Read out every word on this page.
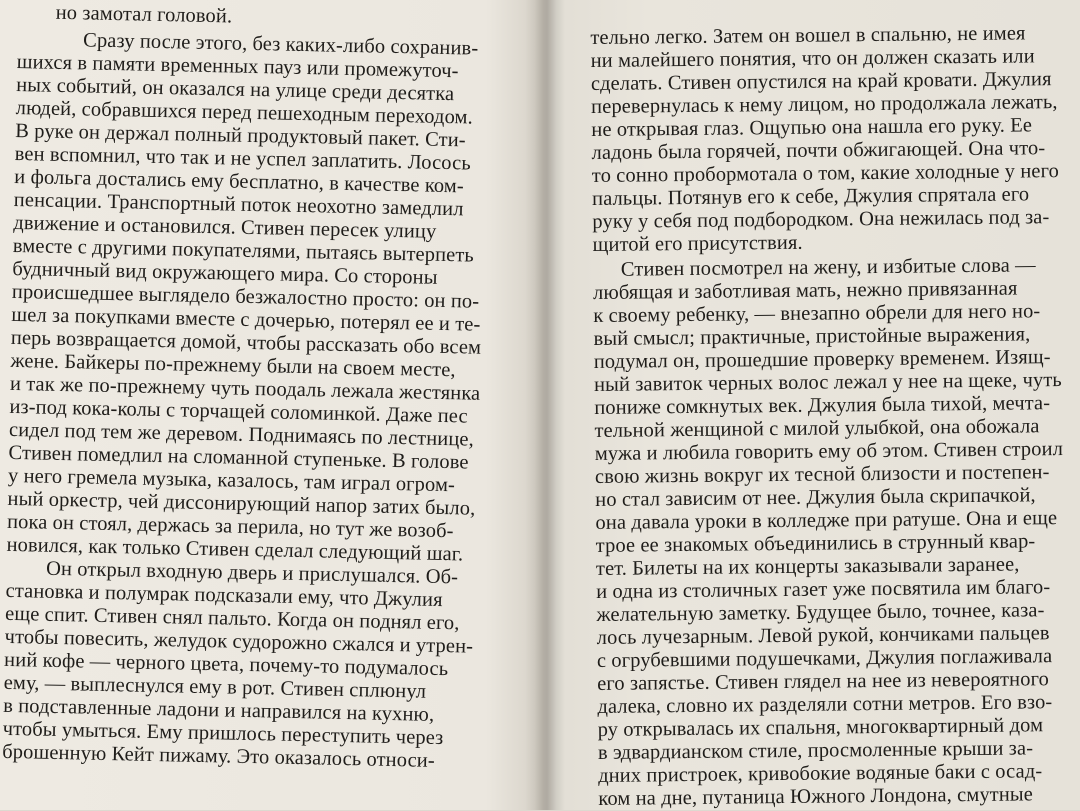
но замотал головой.
Сразу после этого, без каких-либо сохранив-
шихся в памяти временных пауз или промежуточ-
ных событий, он оказался на улице среди десятка
людей, собравшихся перед пешеходным переходом.
В руке он держал полный продуктовый пакет. Сти-
вен вспомнил, что так и не успел заплатить. Лосось
и фольга достались ему бесплатно, в качестве ком-
пенсации. Транспортный поток неохотно замедлил
движение и остановился. Стивен пересек улицу
вместе с другими покупателями, пытаясь вытерпеть
будничный вид окружающего мира. Со стороны
происшедшее выглядело безжалостно просто: он по-
шел за покупками вместе с дочерью, потерял ее и те-
перь возвращается домой, чтобы рассказать обо всем
жене. Байкеры по-прежнему были на своем месте,
и так же по-прежнему чуть поодаль лежала жестянка
из-под кока-колы с торчащей соломинкой. Даже пес
сидел под тем же деревом. Поднимаясь по лестнице,
Стивен помедлил на сломанной ступеньке. В голове
у него гремела музыка, казалось, там играл огром-
ный оркестр, чей диссонирующий напор затих было,
пока он стоял, держась за перила, но тут же возоб-
новился, как только Стивен сделал следующий шаг.
Он открыл входную дверь и прислушался. Об-
становка и полумрак подсказали ему, что Джулия
еще спит. Стивен снял пальто. Когда он поднял его,
чтобы повесить, желудок судорожно сжался и утрен-
ний кофе — черного цвета, почему-то подумалось
ему, — выплеснулся ему в рот. Стивен сплюнул
в подставленные ладони и направился на кухню,
чтобы умыться. Ему пришлось переступить через
брошенную Кейт пижаму. Это оказалось относи-
тельно легко. Затем он вошел в спальню, не имея
ни малейшего понятия, что он должен сказать или
сделать. Стивен опустился на край кровати. Джулия
перевернулась к нему лицом, но продолжала лежать,
не открывая глаз. Ощупью она нашла его руку. Ее
ладонь была горячей, почти обжигающей. Она что-
то сонно пробормотала о том, какие холодные у него
пальцы. Потянув его к себе, Джулия спрятала его
руку у себя под подбородком. Она нежилась под за-
щитой его присутствия.
Стивен посмотрел на жену, и избитые слова —
любящая и заботливая мать, нежно привязанная
к своему ребенку, — внезапно обрели для него но-
вый смысл; практичные, пристойные выражения,
подумал он, прошедшие проверку временем. Изящ-
ный завиток черных волос лежал у нее на щеке, чуть
пониже сомкнутых век. Джулия была тихой, мечта-
тельной женщиной с милой улыбкой, она обожала
мужа и любила говорить ему об этом. Стивен строил
свою жизнь вокруг их тесной близости и постепен-
но стал зависим от нее. Джулия была скрипачкой,
она давала уроки в колледже при ратуше. Она и еще
трое ее знакомых объединились в струнный квар-
тет. Билеты на их концерты заказывали заранее,
и одна из столичных газет уже посвятила им благо-
желательную заметку. Будущее было, точнее, каза-
лось лучезарным. Левой рукой, кончиками пальцев
с огрубевшими подушечками, Джулия поглаживала
его запястье. Стивен глядел на нее из невероятного
далека, словно их разделяли сотни метров. Его взо-
ру открывалась их спальня, многоквартирный дом
в эдвардианском стиле, просмоленные крыши за-
дних пристроек, кривобокие водяные баки с осад-
ком на дне, путаница Южного Лондона, смутные
